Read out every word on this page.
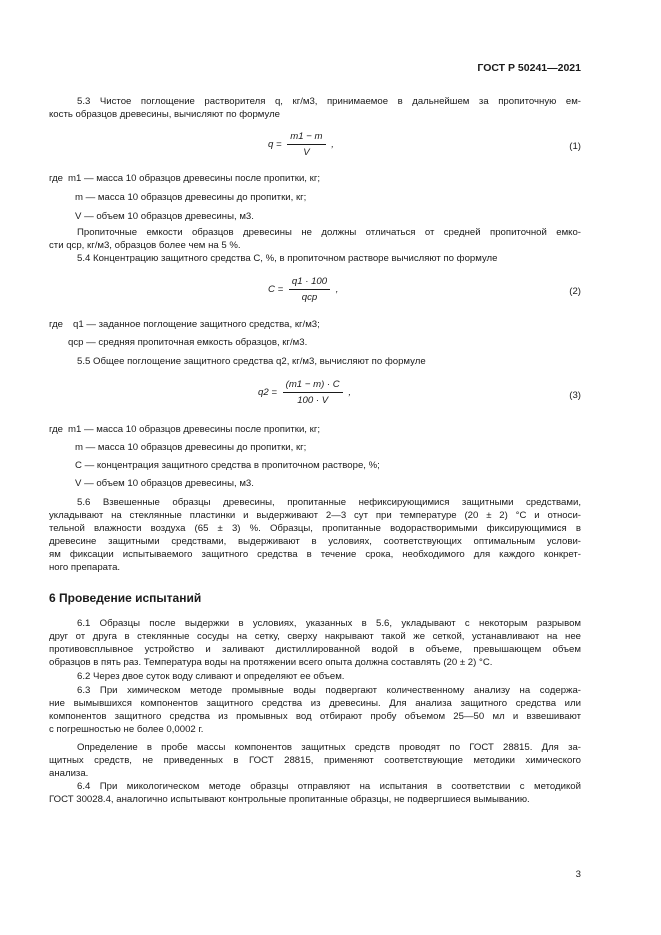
ГОСТ Р 50241—2021
5.3 Чистое поглощение растворителя q, кг/м3, принимаемое в дальнейшем за пропиточную ем-
кость образцов древесины, вычисляют по формуле
$q = \frac{m1 - m}{V}$ ,	(1)
где m1 — масса 10 образцов древесины после пропитки, кг;
m — масса 10 образцов древесины до пропитки, кг;
V — объем 10 образцов древесины, м3.
Пропиточные емкости образцов древесины не должны отличаться от средней пропиточной емко-
сти qср, кг/м3, образцов более чем на 5 %.
5.4 Концентрацию защитного средства C, %, в пропиточном растворе вычисляют по формуле
$C = \frac{q1 \cdot 100}{\text{qср}}$ ,	(2)
где q1 — заданное поглощение защитного средства, кг/м3;
qср — средняя пропиточная емкость образцов, кг/м3.
5.5 Общее поглощение защитного средства q2, кг/м3, вычисляют по формуле
$q2 = \frac{(m1 - m) \cdot C}{100 \cdot V}$ ,	(3)
где m1 — масса 10 образцов древесины после пропитки, кг;
m — масса 10 образцов древесины до пропитки, кг;
C — концентрация защитного средства в пропиточном растворе, %;
V — объем 10 образцов древесины, м3.
5.6 Взвешенные образцы древесины, пропитанные нефиксирующимися защитными средствами,
укладывают на стеклянные пластинки и выдерживают 2—3 сут при температуре (20 ± 2) °С и относи-
тельной влажности воздуха (65 ± 3) %. Образцы, пропитанные водорастворимыми фиксирующимися в
древесине защитными средствами, выдерживают в условиях, соответствующих оптимальным услови-
ям фиксации испытываемого защитного средства в течение срока, необходимого для каждого конкрет-
ного препарата.
6 Проведение испытаний
6.1 Образцы после выдержки в условиях, указанных в 5.6, укладывают с некоторым разрывом
друг от друга в стеклянные сосуды на сетку, сверху накрывают такой же сеткой, устанавливают на нее
противовсплывное устройство и заливают дистиллированной водой в объеме, превышающем объем
образцов в пять раз. Температура воды на протяжении всего опыта должна составлять (20 ± 2) °С.
6.2 Через двое суток воду сливают и определяют ее объем.
6.3 При химическом методе промывные воды подвергают количественному анализу на содержа-
ние вымывшихся компонентов защитного средства из древесины. Для анализа защитного средства или
компонентов защитного средства из промывных вод отбирают пробу объемом 25—50 мл и взвешивают
с погрешностью не более 0,0002 г.
Определение в пробе массы компонентов защитных средств проводят по ГОСТ 28815. Для за-
щитных средств, не приведенных в ГОСТ 28815, применяют соответствующие методики химического
анализа.
6.4 При микологическом методе образцы отправляют на испытания в соответствии с методикой
ГОСТ 30028.4, аналогично испытывают контрольные пропитанные образцы, не подвергшиеся вымыванию.
3
